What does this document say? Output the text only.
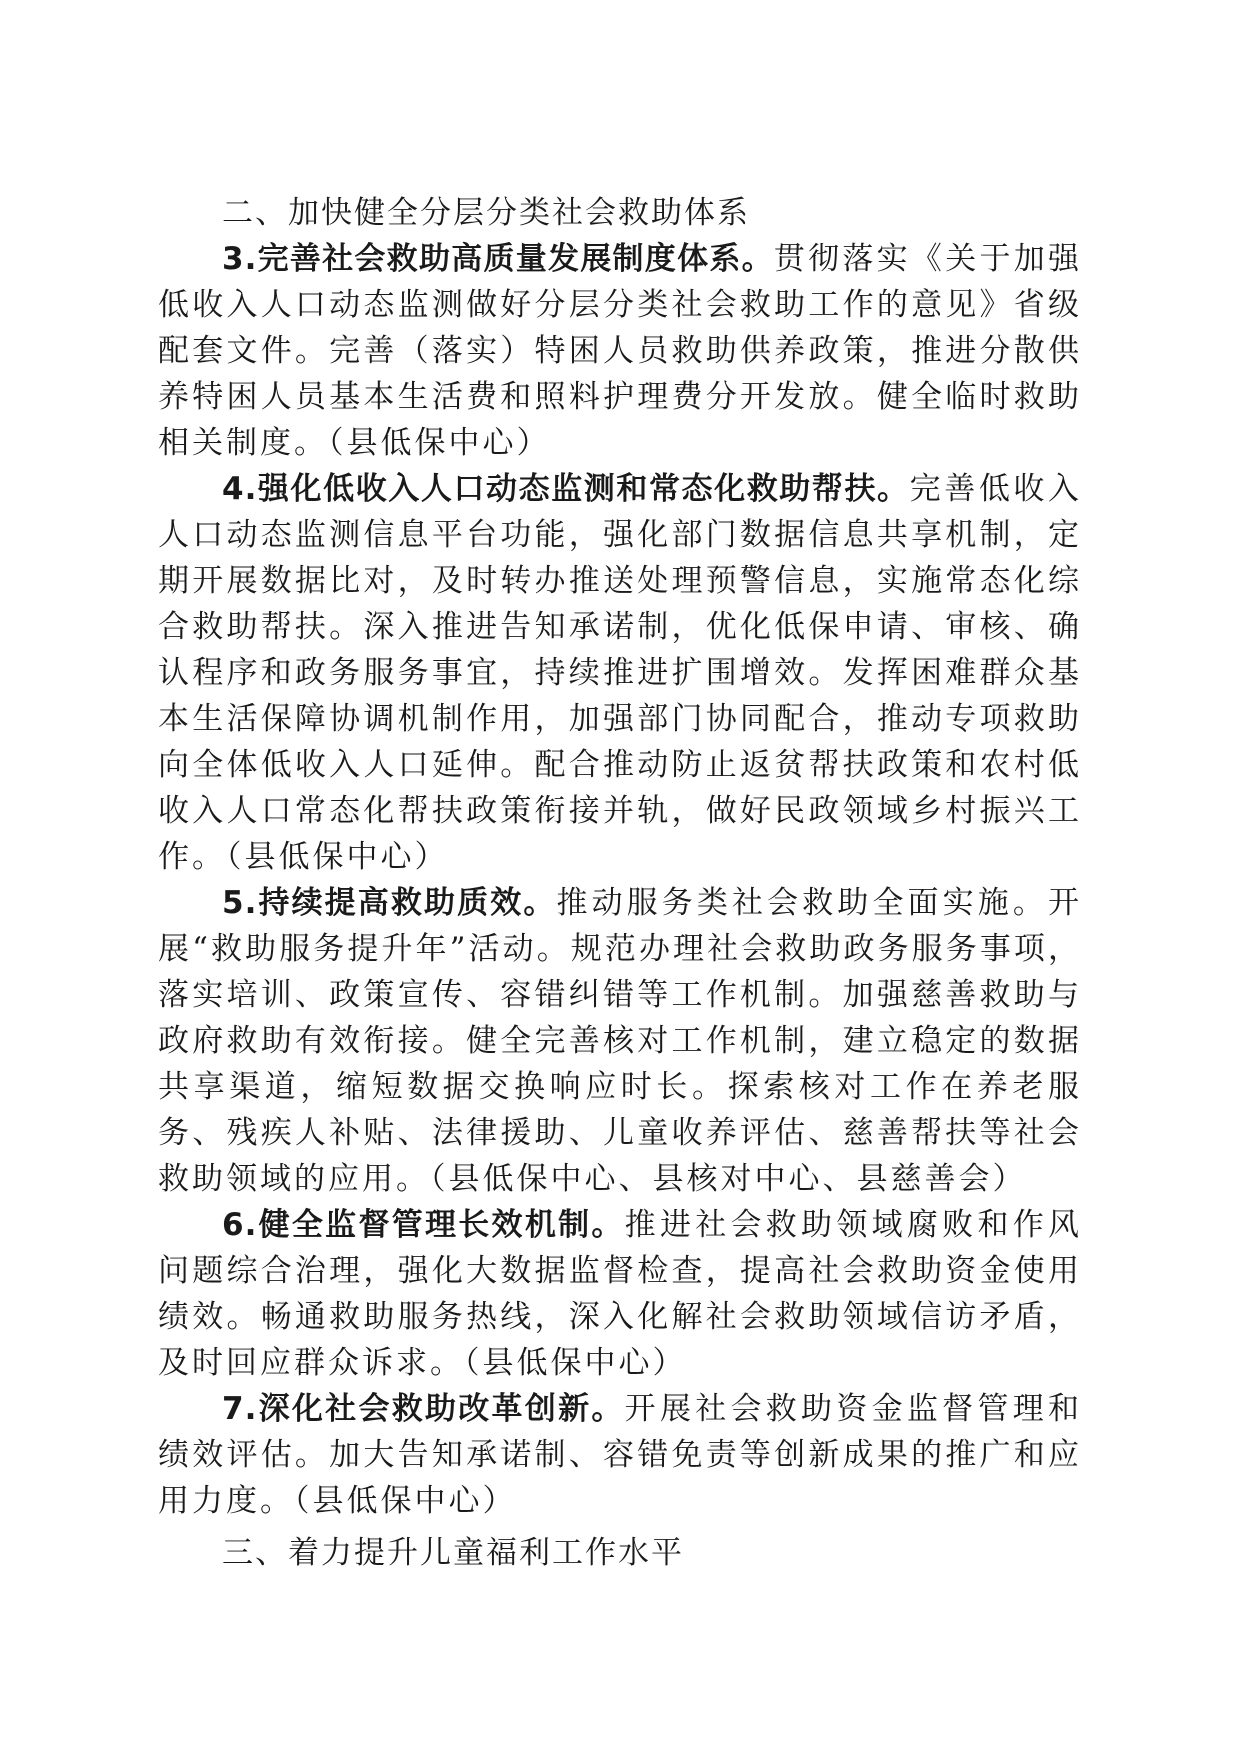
二、加快健全分层分类社会救助体系

3.完善社会救助高质量发展制度体系。贯彻落实《关于加强低收入人口动态监测做好分层分类社会救助工作的意见》省级配套文件。完善（落实）特困人员救助供养政策，推进分散供养特困人员基本生活费和照料护理费分开发放。健全临时救助相关制度。（县低保中心）

4.强化低收入人口动态监测和常态化救助帮扶。完善低收入人口动态监测信息平台功能，强化部门数据信息共享机制，定期开展数据比对，及时转办推送处理预警信息，实施常态化综合救助帮扶。深入推进告知承诺制，优化低保申请、审核、确认程序和政务服务事宜，持续推进扩围增效。发挥困难群众基本生活保障协调机制作用，加强部门协同配合，推动专项救助向全体低收入人口延伸。配合推动防止返贫帮扶政策和农村低收入人口常态化帮扶政策衔接并轨，做好民政领域乡村振兴工作。（县低保中心）

5.持续提高救助质效。推动服务类社会救助全面实施。开展“救助服务提升年”活动。规范办理社会救助政务服务事项，落实培训、政策宣传、容错纠错等工作机制。加强慈善救助与政府救助有效衔接。健全完善核对工作机制，建立稳定的数据共享渠道，缩短数据交换响应时长。探索核对工作在养老服务、残疾人补贴、法律援助、儿童收养评估、慈善帮扶等社会救助领域的应用。（县低保中心、县核对中心、县慈善会）

6.健全监督管理长效机制。推进社会救助领域腐败和作风问题综合治理，强化大数据监督检查，提高社会救助资金使用绩效。畅通救助服务热线，深入化解社会救助领域信访矛盾，及时回应群众诉求。（县低保中心）

7.深化社会救助改革创新。开展社会救助资金监督管理和绩效评估。加大告知承诺制、容错免责等创新成果的推广和应用力度。（县低保中心）

三、着力提升儿童福利工作水平
